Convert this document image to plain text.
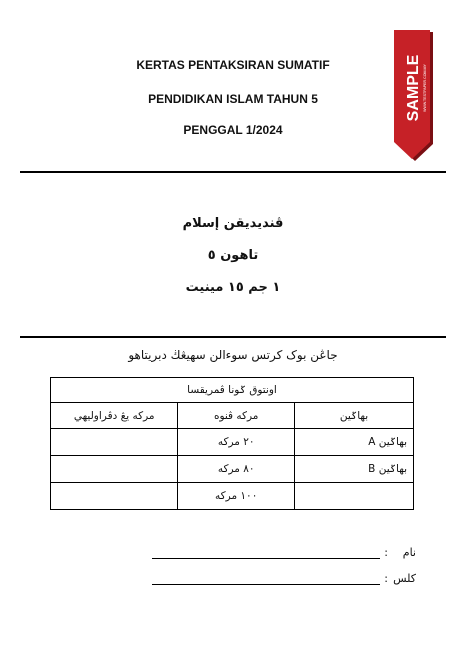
KERTAS PENTAKSIRAN SUMATIF
PENDIDIKAN ISLAM TAHUN 5
PENGGAL 1/2024
ڤنديديقن إسلام
تاهون ٥
١ جم ١٥ مينيت
جاڠن بوک کرتس سوءالن سهيڠڬ دبريتاهو
اونتوق ݢونا ڤمريقسا		
بهاݢين	مرکه ڤنوه	مرکه يڠ دڤراوليهي
بهاݢين A	٢٠ مرکه	
بهاݢين B	٨٠ مرکه	
	١٠٠ مرکه	
نام
:
کلس
:
SAMPLE WWW.TESTPAPER.COM.MY
